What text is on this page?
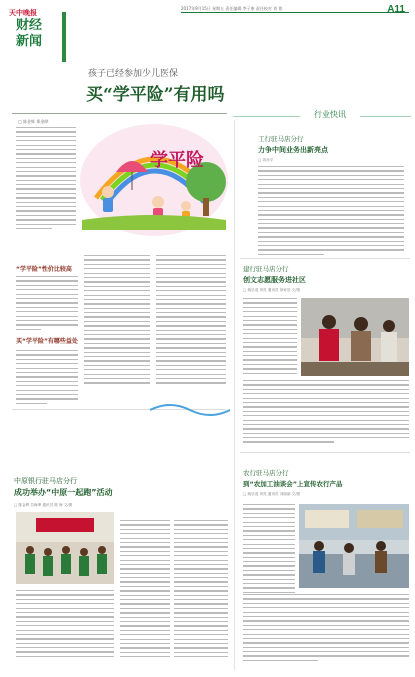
天中晚报
财经
新闻
2017年9月15日 星期五 责任编辑 李子康 责任校对 刘 铭	A11
孩子已经参加少儿医保
买“学平险”有用吗
□ 陈金辉 郑金晔
学平险
“学平险”性价比较高
买“学平险”有哪些益处
中原银行驻马店分行
成功举办“中原一起跑”活动
□ 陈金辉 苏海坤 通讯员 陈 海 文/图
行业快讯
工行驻马店分行
力争中间业务出新亮点
□ 刘彦平
建行驻马店分行
创文志愿服务进社区
□ 姚乐迎 刘亮 通讯员 徐家辰 文/图
农行驻马店分行
到“农加工油谈会”上宣传农行产品
□ 姚乐迎 刘亮 通讯员 刘丽丽 文/图
